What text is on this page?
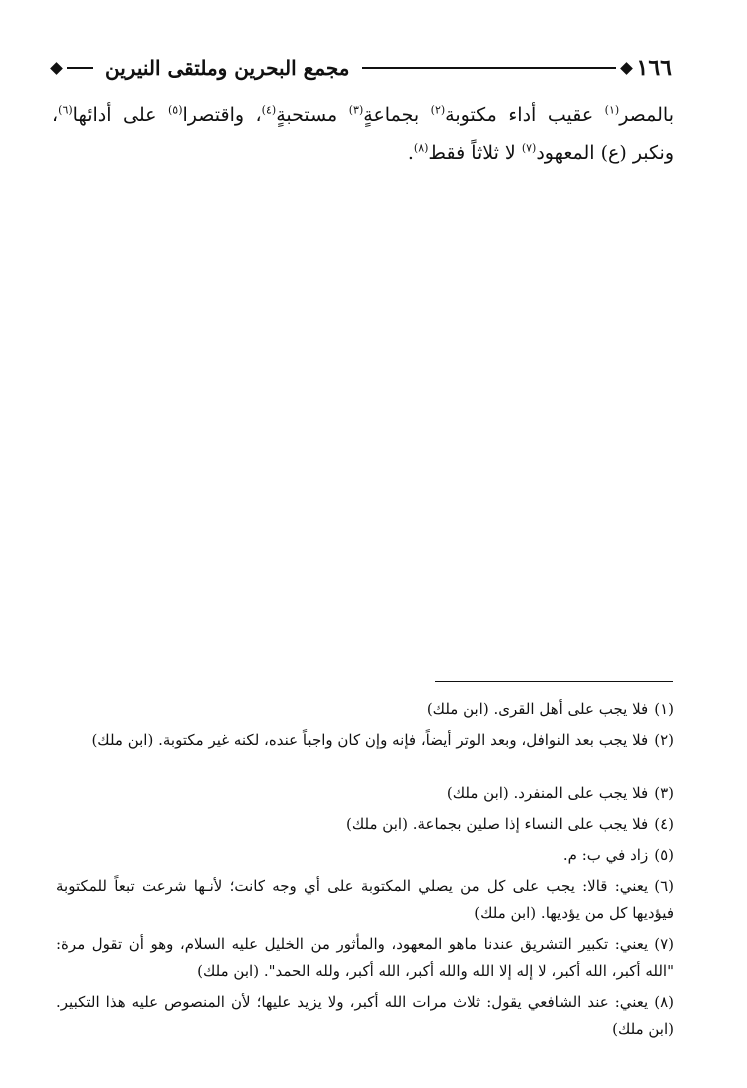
١٦٦
مجمع البحرين وملتقى النيرين
بالمصر$^{(١)}$ عقيب أداء مكتوبة$^{(٢)}$ بجماعةٍ$^{(٣)}$ مستحبةٍ$^{(٤)}$، واقتصرا$^{(٥)}$ على أدائها$^{(٦)}$، ونكبر (ع) المعهود$^{(٧)}$ لا ثلاثاً فقط$^{(٨)}$.

(١)فلا يجب على أهل القرى. (ابن ملك)

(٢)فلا يجب بعد النوافل، وبعد الوتر أيضاً، فإنه وإن كان واجباً عنده، لكنه غير مكتوبة. (ابن ملك)

(٣)فلا يجب على المنفرد. (ابن ملك)

(٤)فلا يجب على النساء إذا صلين بجماعة. (ابن ملك)

(٥)زاد في ب: م.

(٦)يعني: قالا: يجب على كل من يصلي المكتوبة على أي وجه كانت؛ لأنـها شرعت تبعاً للمكتوبة فيؤديها كل من يؤديها. (ابن ملك)

(٧)يعني: تكبير التشريق عندنا ماهو المعهود، والمأثور من الخليل عليه السلام، وهو أن تقول مرة: "الله أكبر، الله أكبر، لا إله إلا الله والله أكبر، الله أكبر، ولله الحمد". (ابن ملك)

(٨)يعني: عند الشافعي يقول: ثلاث مرات الله أكبر، ولا يزيد عليها؛ لأن المنصوص عليه هذا التكبير. (ابن ملك)
